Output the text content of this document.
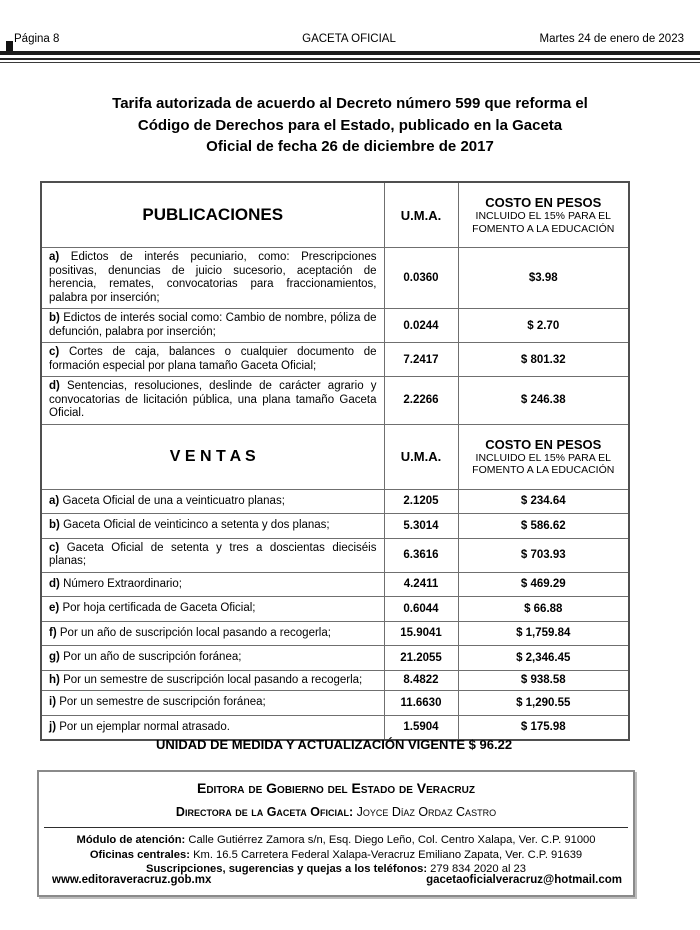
Página 8	GACETA OFICIAL	Martes 24 de enero de 2023
Tarifa autorizada de acuerdo al Decreto número 599 que reforma el
Código de Derechos para el Estado, publicado en la Gaceta
Oficial de fecha 26 de diciembre de 2017
PUBLICACIONES	U.M.A.	COSTO EN PESOS
INCLUIDO EL 15% PARA EL FOMENTO A LA EDUCACIÓN

a) Edictos de interés pecuniario, como: Prescripciones positivas, denuncias de juicio sucesorio, aceptación de herencia, remates, convocatorias para fraccionamientos, palabra por inserción;	0.0360	$3.98
b) Edictos de interés social como: Cambio de nombre, póliza de defunción, palabra por inserción;	0.0244	$ 2.70
c) Cortes de caja, balances o cualquier documento de formación especial por plana tamaño Gaceta Oficial;	7.2417	$ 801.32
d) Sentencias, resoluciones, deslinde de carácter agrario y convocatorias de licitación pública, una plana tamaño Gaceta Oficial.	2.2266	$ 246.38
V E N T A S	U.M.A.	COSTO EN PESOS
INCLUIDO EL 15% PARA EL FOMENTO A LA EDUCACIÓN

a) Gaceta Oficial de una a veinticuatro planas;	2.1205	$ 234.64
b) Gaceta Oficial de veinticinco a setenta y dos planas;	5.3014	$ 586.62
c) Gaceta Oficial de setenta y tres a doscientas dieciséis planas;	6.3616	$ 703.93
d) Número Extraordinario;	4.2411	$ 469.29
e) Por hoja certificada de Gaceta Oficial;	0.6044	$ 66.88
f) Por un año de suscripción local pasando a recogerla;	15.9041	$ 1,759.84
g) Por un año de suscripción foránea;	21.2055	$ 2,346.45
h) Por un semestre de suscripción local pasando a recogerla;	8.4822	$ 938.58
i) Por un semestre de suscripción foránea;	11.6630	$ 1,290.55
j) Por un ejemplar normal atrasado.	1.5904	$ 175.98
UNIDAD DE MEDIDA Y ACTUALIZACIÓN VIGENTE $ 96.22
Editora de Gobierno del Estado de Veracruz
Directora de la Gaceta Oficial: Joyce Díaz Ordaz Castro
Módulo de atención: Calle Gutiérrez Zamora s/n, Esq. Diego Leño, Col. Centro Xalapa, Ver. C.P. 91000
Oficinas centrales: Km. 16.5 Carretera Federal Xalapa-Veracruz Emiliano Zapata, Ver. C.P. 91639
Suscripciones, sugerencias y quejas a los teléfonos: 279 834 2020 al 23
www.editoraveracruz.gob.mx	gacetaoficialveracruz@hotmail.com
